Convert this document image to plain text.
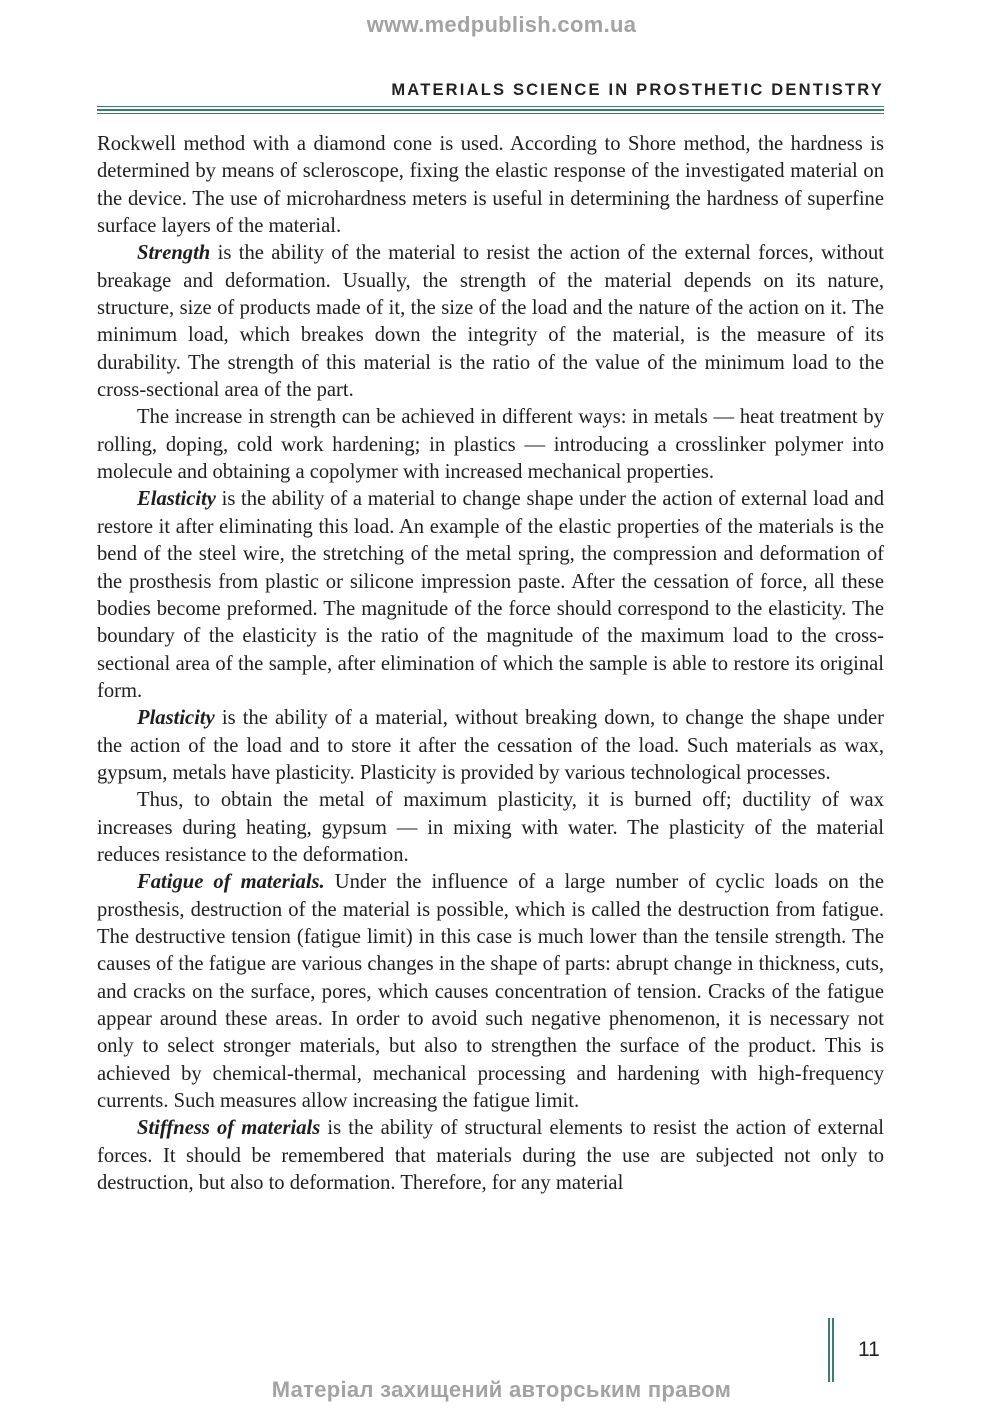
www.medpublish.com.ua
MATERIALS SCIENCE IN PROSTHETIC DENTISTRY

Rockwell method with a diamond cone is used. According to Shore method, the hardness is determined by means of scleroscope, fixing the elastic response of the investigated material on the device. The use of microhardness meters is useful in determining the hardness of superfine surface layers of the material.

Strength is the ability of the material to resist the action of the external forces, without breakage and deformation. Usually, the strength of the material depends on its nature, structure, size of products made of it, the size of the load and the nature of the action on it. The minimum load, which breakes down the integrity of the material, is the measure of its durability. The strength of this material is the ratio of the value of the minimum load to the cross-sectional area of the part.

The increase in strength can be achieved in different ways: in metals — heat treatment by rolling, doping, cold work hardening; in plastics — introducing a crosslinker polymer into molecule and obtaining a copolymer with increased mechanical properties.

Elasticity is the ability of a material to change shape under the action of external load and restore it after eliminating this load. An example of the elastic properties of the materials is the bend of the steel wire, the stretching of the metal spring, the compression and deformation of the prosthesis from plastic or silicone impression paste. After the cessation of force, all these bodies become preformed. The magnitude of the force should correspond to the elasticity. The boundary of the elasticity is the ratio of the magnitude of the maximum load to the cross-sectional area of the sample, after elimination of which the sample is able to restore its original form.

Plasticity is the ability of a material, without breaking down, to change the shape under the action of the load and to store it after the cessation of the load. Such materials as wax, gypsum, metals have plasticity. Plasticity is provided by various technological processes.

Thus, to obtain the metal of maximum plasticity, it is burned off; ductility of wax increases during heating, gypsum — in mixing with water. The plasticity of the material reduces resistance to the deformation.

Fatigue of materials. Under the influence of a large number of cyclic loads on the prosthesis, destruction of the material is possible, which is called the destruction from fatigue. The destructive tension (fatigue limit) in this case is much lower than the tensile strength. The causes of the fatigue are various changes in the shape of parts: abrupt change in thickness, cuts, and cracks on the surface, pores, which causes concentration of tension. Cracks of the fatigue appear around these areas. In order to avoid such negative phenomenon, it is necessary not only to select stronger materials, but also to strengthen the surface of the product. This is achieved by chemical-thermal, mechanical processing and hardening with high-frequency currents. Such measures allow increasing the fatigue limit.

Stiffness of materials is the ability of structural elements to resist the action of external forces. It should be remembered that materials during the use are subjected not only to destruction, but also to deformation. Therefore, for any material

11
Матеріал захищений авторським правом
